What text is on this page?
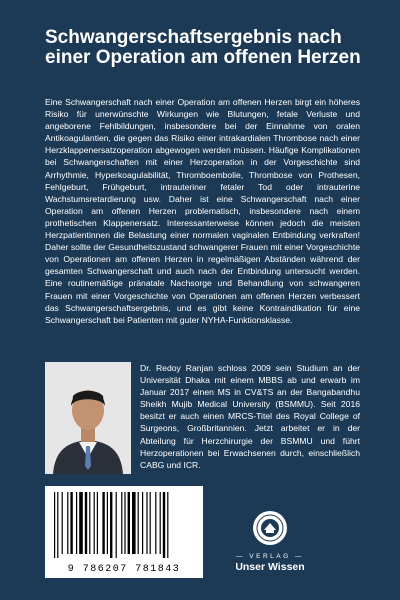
Schwangerschaftsergebnis nach einer Operation am offenen Herzen

Eine Schwangerschaft nach einer Operation am offenen Herzen birgt ein höheres Risiko für unerwünschte Wirkungen wie Blutungen, fetale Verluste und angeborene Fehlbildungen, insbesondere bei der Einnahme von oralen Antikoagulantien, die gegen das Risiko einer intrakardialen Thrombose nach einer Herzklappenersatzoperation abgewogen werden müssen. Häufige Komplikationen bei Schwangerschaften mit einer Herzoperation in der Vorgeschichte sind Arrhythmie, Hyperkoagulabilität, Thromboembolie, Thrombose von Prothesen, Fehlgeburt, Frühgeburt, intrauteriner fetaler Tod oder intrauterine Wachstumsretardierung usw. Daher ist eine Schwangerschaft nach einer Operation am offenen Herzen problematisch, insbesondere nach einem prothetischen Klappenersatz. Interessanterweise können jedoch die meisten Herzpatientinnen die Belastung einer normalen vaginalen Entbindung verkraften! Daher sollte der Gesundheitszustand schwangerer Frauen mit einer Vorgeschichte von Operationen am offenen Herzen in regelmäßigen Abständen während der gesamten Schwangerschaft und auch nach der Entbindung untersucht werden. Eine routinemäßige pränatale Nachsorge und Behandlung von schwangeren Frauen mit einer Vorgeschichte von Operationen am offenen Herzen verbessert das Schwangerschaftsergebnis, und es gibt keine Kontraindikation für eine Schwangerschaft bei Patienten mit guter NYHA-Funktionsklasse.

Dr. Redoy Ranjan schloss 2009 sein Studium an der Universität Dhaka mit einem MBBS ab und erwarb im Januar 2017 einen MS in CV&TS an der Bangabandhu Sheikh Mujib Medical University (BSMMU). Seit 2016 besitzt er auch einen MRCS-Titel des Royal College of Surgeons, Großbritannien. Jetzt arbeitet er in der Abteilung für Herzchirurgie der BSMMU und führt Herzoperationen bei Erwachsenen durch, einschließlich CABG und ICR.

9 786207 781843
— VERLAG —
Unser Wissen
